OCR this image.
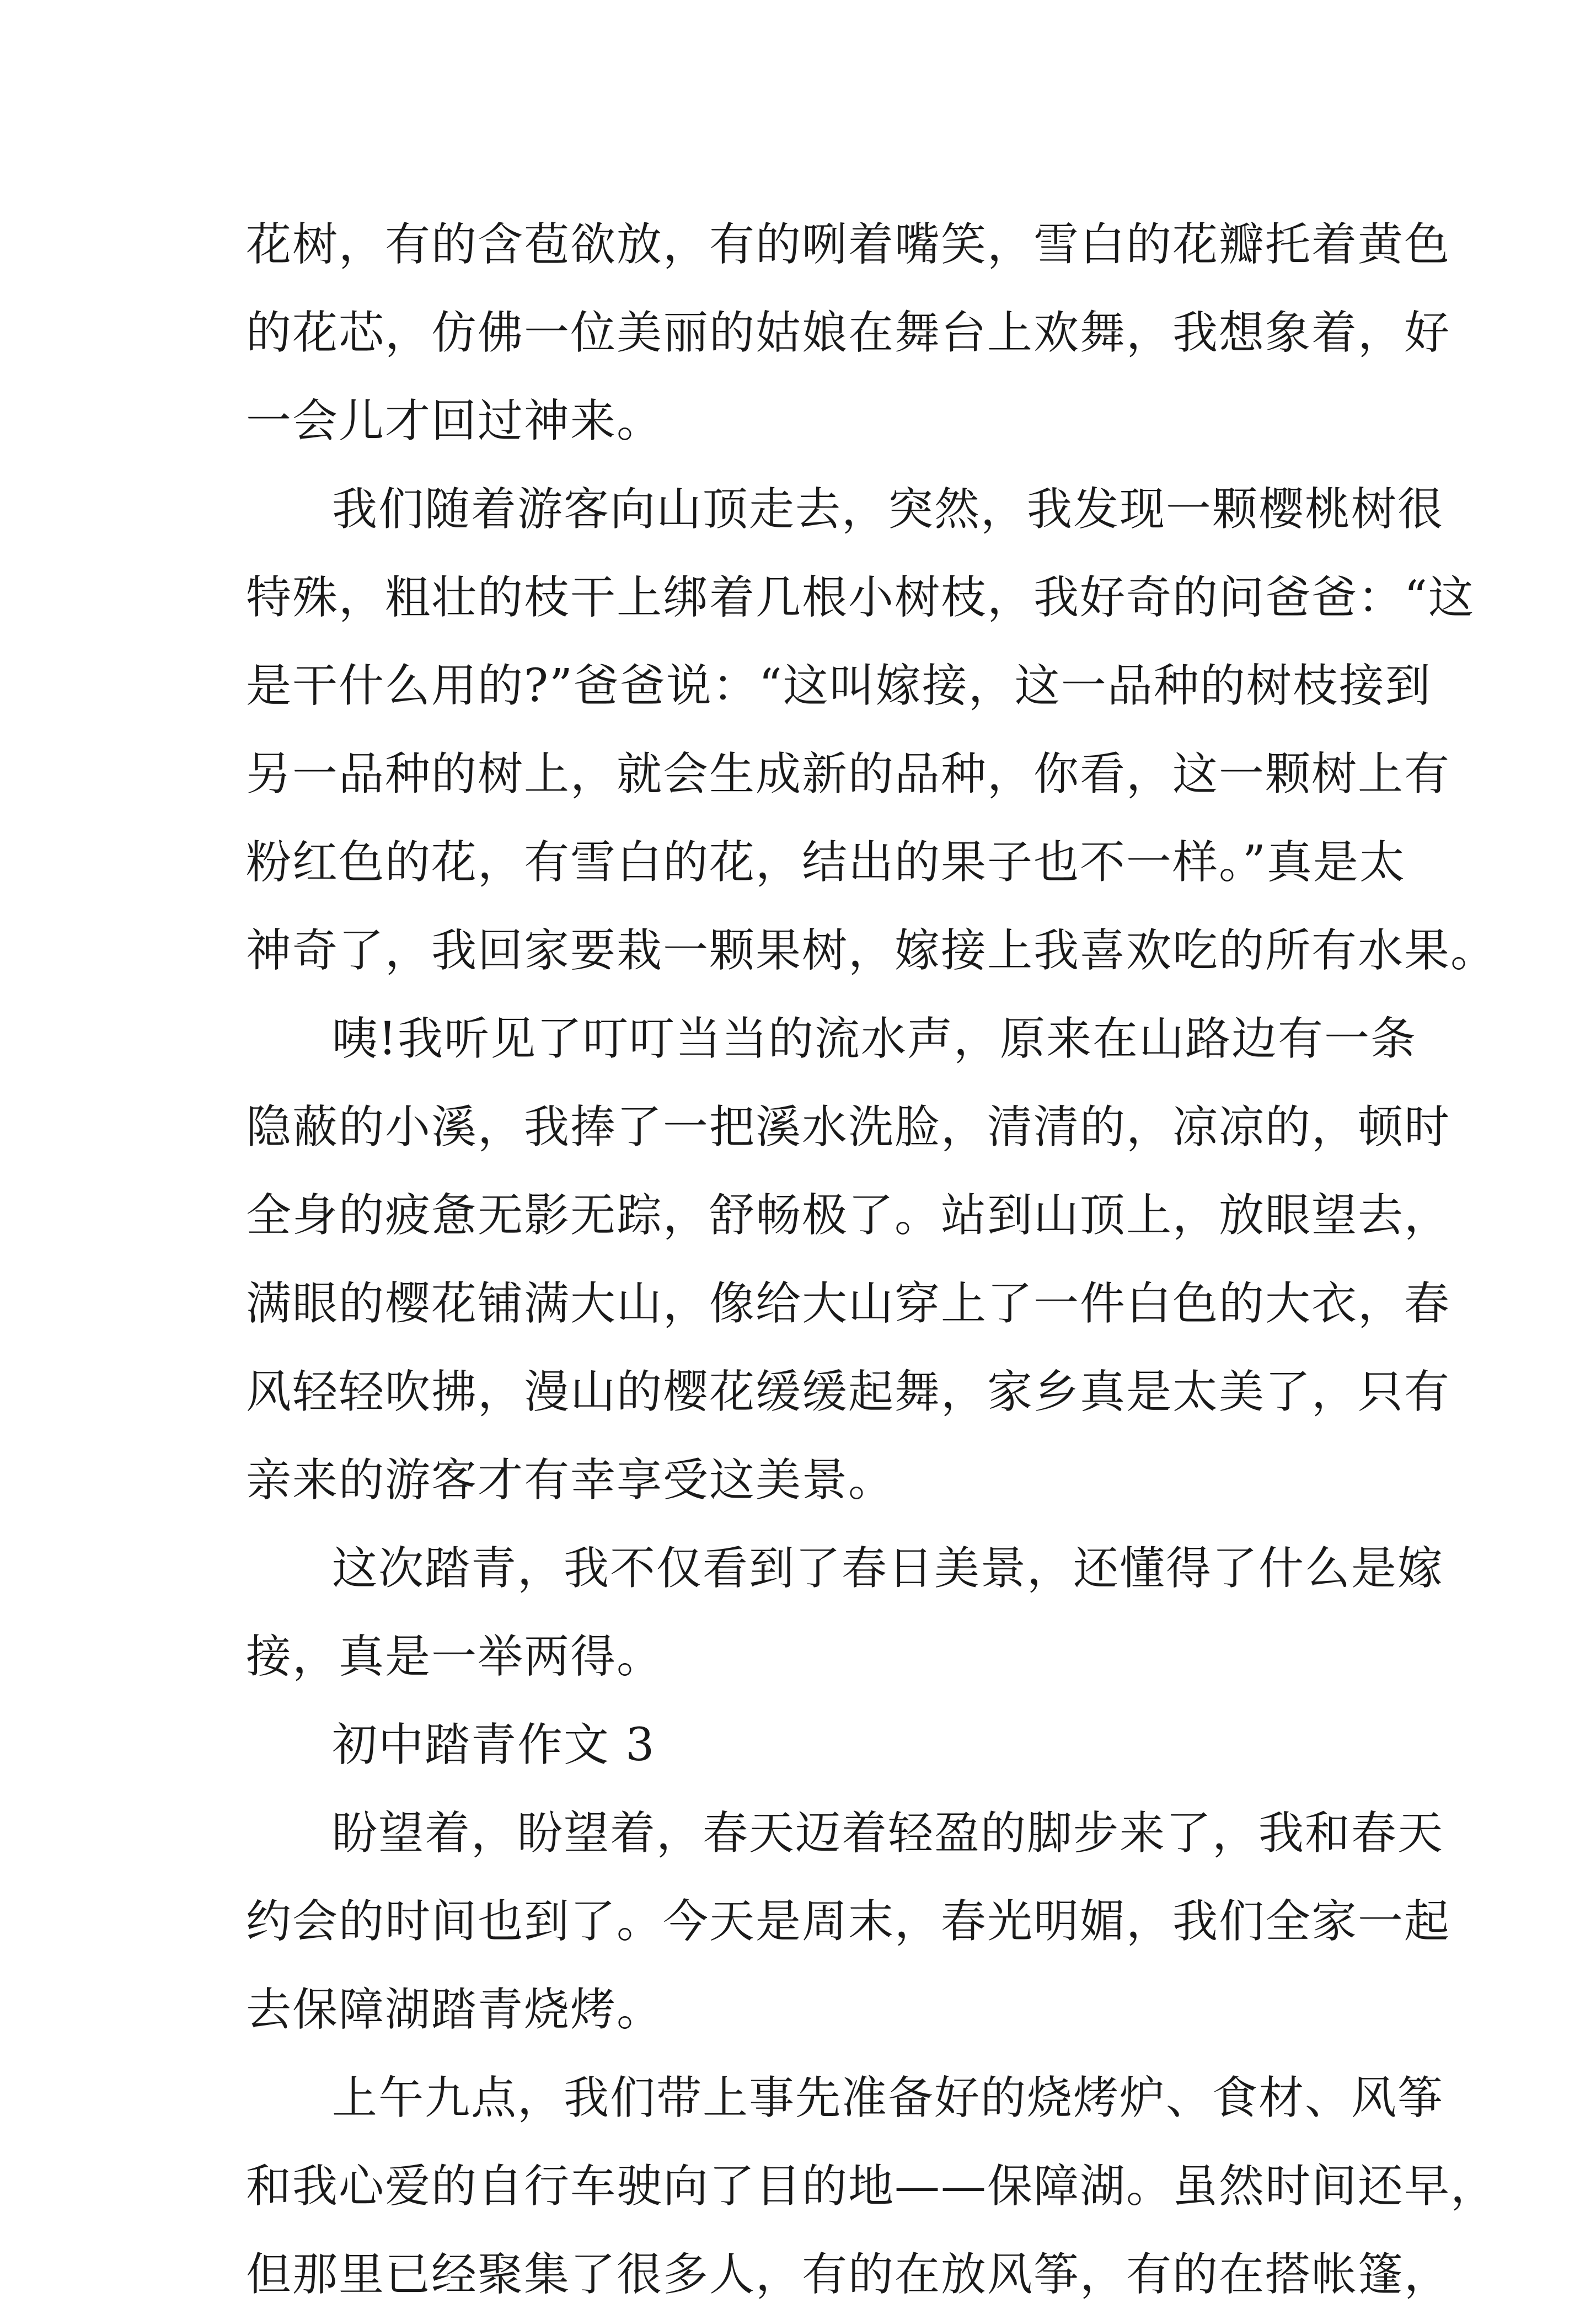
花树，有的含苞欲放，有的咧着嘴笑，雪白的花瓣托着黄色
的花芯，仿佛一位美丽的姑娘在舞台上欢舞，我想象着，好
一会儿才回过神来。
我们随着游客向山顶走去，突然，我发现一颗樱桃树很
特殊，粗壮的枝干上绑着几根小树枝，我好奇的问爸爸：“这
是干什么用的?”爸爸说：“这叫嫁接，这一品种的树枝接到
另一品种的树上，就会生成新的品种，你看，这一颗树上有
粉红色的花，有雪白的花，结出的果子也不一样。”真是太
神奇了，我回家要栽一颗果树，嫁接上我喜欢吃的所有水果。
咦!我听见了叮叮当当的流水声，原来在山路边有一条
隐蔽的小溪，我捧了一把溪水洗脸，清清的，凉凉的，顿时
全身的疲惫无影无踪，舒畅极了。站到山顶上，放眼望去，
满眼的樱花铺满大山，像给大山穿上了一件白色的大衣，春
风轻轻吹拂，漫山的樱花缓缓起舞，家乡真是太美了，只有
亲来的游客才有幸享受这美景。
这次踏青，我不仅看到了春日美景，还懂得了什么是嫁
接，真是一举两得。
初中踏青作文 3
盼望着，盼望着，春天迈着轻盈的脚步来了，我和春天
约会的时间也到了。今天是周末，春光明媚，我们全家一起
去保障湖踏青烧烤。
上午九点，我们带上事先准备好的烧烤炉、食材、风筝
和我心爱的自行车驶向了目的地——保障湖。虽然时间还早，
但那里已经聚集了很多人，有的在放风筝，有的在搭帐篷，
